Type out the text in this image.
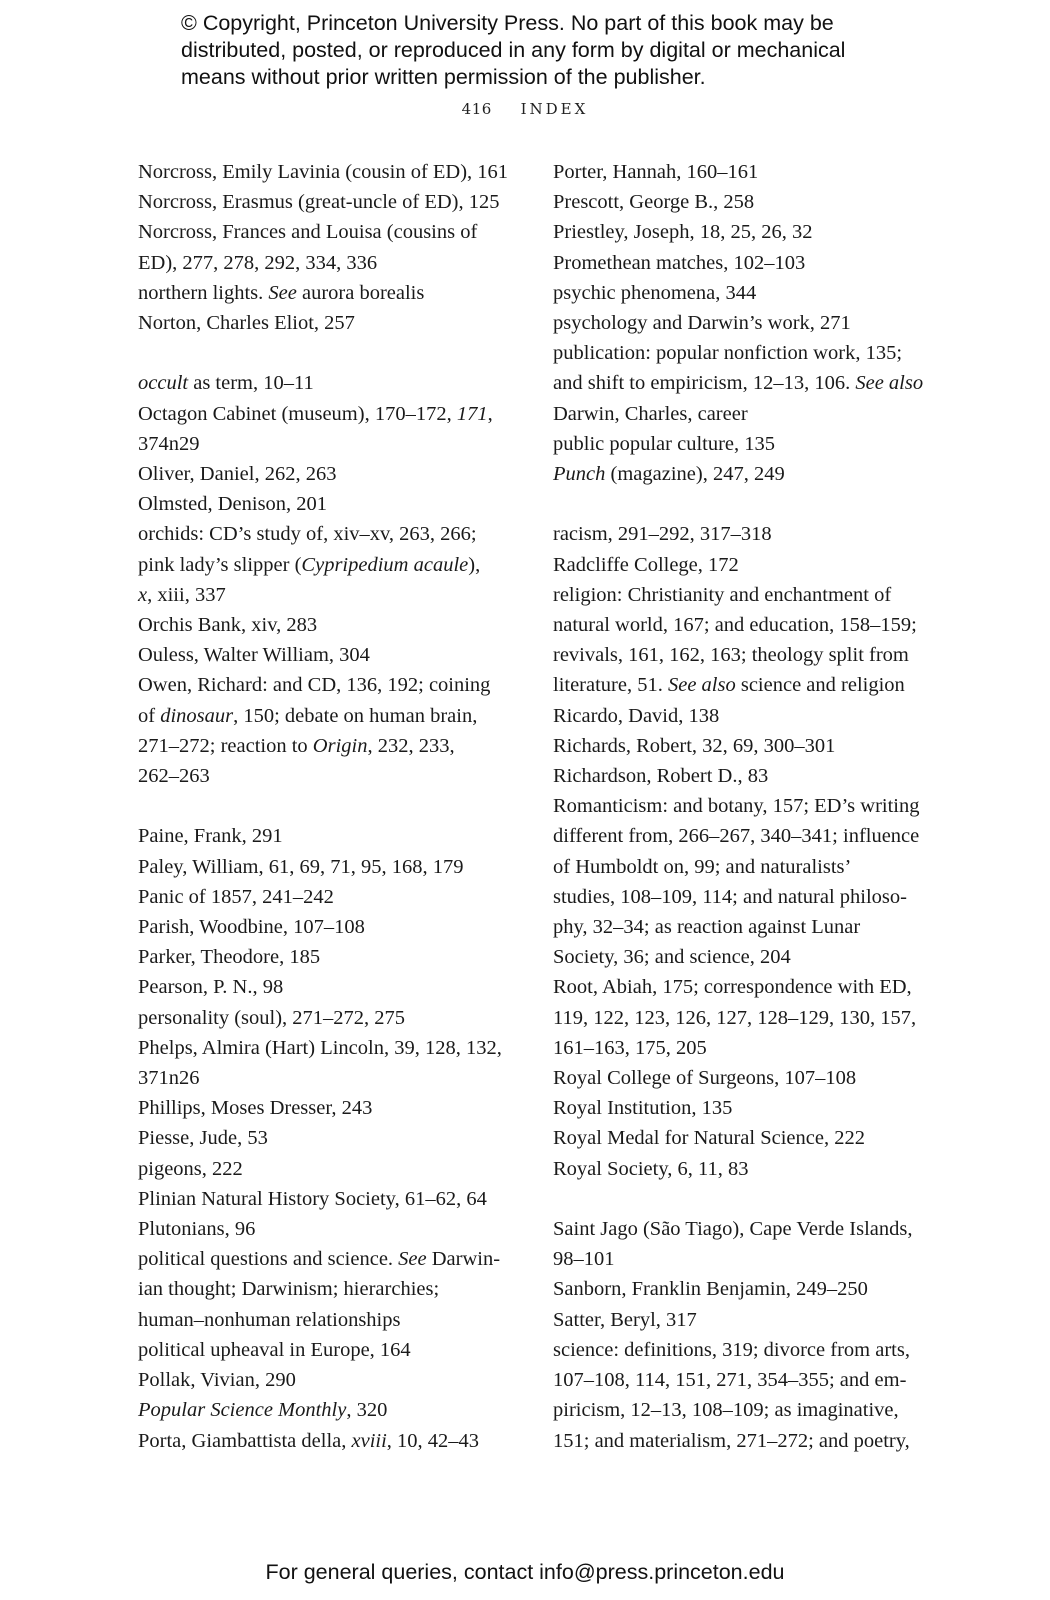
© Copyright, Princeton University Press. No part of this book may be
distributed, posted, or reproduced in any form by digital or mechanical
means without prior written permission of the publisher.
416 INDEX
Norcross, Emily Lavinia (cousin of ED), 161
Norcross, Erasmus (great-uncle of ED), 125
Norcross, Frances and Louisa (cousins of
ED), 277, 278, 292, 334, 336
northern lights. See aurora borealis
Norton, Charles Eliot, 257
occult as term, 10–11
Octagon Cabinet (museum), 170–172, 171,
374n29
Oliver, Daniel, 262, 263
Olmsted, Denison, 201
orchids: CD’s study of, xiv–xv, 263, 266;
pink lady’s slipper (Cypripedium acaule),
x, xiii, 337
Orchis Bank, xiv, 283
Ouless, Walter William, 304
Owen, Richard: and CD, 136, 192; coining
of dinosaur, 150; debate on human brain,
271–272; reaction to Origin, 232, 233,
262–263
Paine, Frank, 291
Paley, William, 61, 69, 71, 95, 168, 179
Panic of 1857, 241–242
Parish, Woodbine, 107–108
Parker, Theodore, 185
Pearson, P. N., 98
personality (soul), 271–272, 275
Phelps, Almira (Hart) Lincoln, 39, 128, 132,
371n26
Phillips, Moses Dresser, 243
Piesse, Jude, 53
pigeons, 222
Plinian Natural History Society, 61–62, 64
Plutonians, 96
political questions and science. See Darwin-
ian thought; Darwinism; hierarchies;
human–nonhuman relationships
political upheaval in Europe, 164
Pollak, Vivian, 290
Popular Science Monthly, 320
Porta, Giambattista della, xviii, 10, 42–43
Porter, Hannah, 160–161
Prescott, George B., 258
Priestley, Joseph, 18, 25, 26, 32
Promethean matches, 102–103
psychic phenomena, 344
psychology and Darwin’s work, 271
publication: popular nonfiction work, 135;
and shift to empiricism, 12–13, 106. See also
Darwin, Charles, career
public popular culture, 135
Punch (magazine), 247, 249
racism, 291–292, 317–318
Radcliffe College, 172
religion: Christianity and enchantment of
natural world, 167; and education, 158–159;
revivals, 161, 162, 163; theology split from
literature, 51. See also science and religion
Ricardo, David, 138
Richards, Robert, 32, 69, 300–301
Richardson, Robert D., 83
Romanticism: and botany, 157; ED’s writing
different from, 266–267, 340–341; influence
of Humboldt on, 99; and naturalists’
studies, 108–109, 114; and natural philoso-
phy, 32–34; as reaction against Lunar
Society, 36; and science, 204
Root, Abiah, 175; correspondence with ED,
119, 122, 123, 126, 127, 128–129, 130, 157,
161–163, 175, 205
Royal College of Surgeons, 107–108
Royal Institution, 135
Royal Medal for Natural Science, 222
Royal Society, 6, 11, 83
Saint Jago (São Tiago), Cape Verde Islands,
98–101
Sanborn, Franklin Benjamin, 249–250
Satter, Beryl, 317
science: definitions, 319; divorce from arts,
107–108, 114, 151, 271, 354–355; and em-
piricism, 12–13, 108–109; as imaginative,
151; and materialism, 271–272; and poetry,
For general queries, contact info@press.princeton.edu
